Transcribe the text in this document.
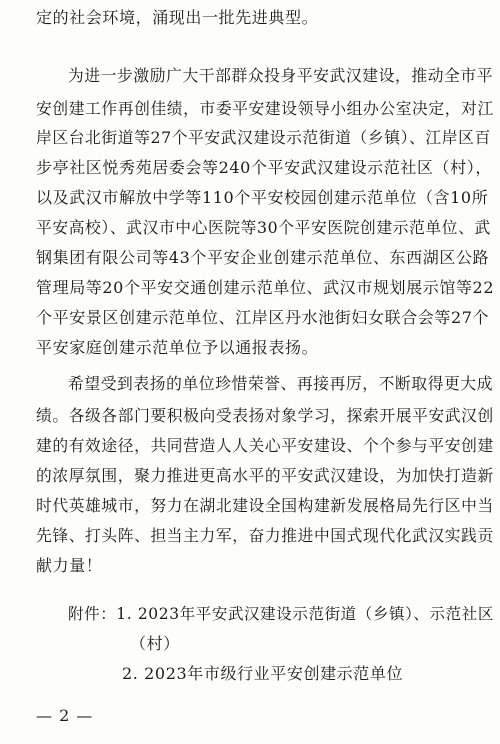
定的社会环境，涌现出一批先进典型。
为进一步激励广大干部群众投身平安武汉建设，推动全市平
安创建工作再创佳绩，市委平安建设领导小组办公室决定，对江
岸区台北街道等27个平安武汉建设示范街道（乡镇）、江岸区百
步亭社区悦秀苑居委会等240个平安武汉建设示范社区（村），
以及武汉市解放中学等110个平安校园创建示范单位（含10所
平安高校）、武汉市中心医院等30个平安医院创建示范单位、武
钢集团有限公司等43个平安企业创建示范单位、东西湖区公路
管理局等20个平安交通创建示范单位、武汉市规划展示馆等22
个平安景区创建示范单位、江岸区丹水池街妇女联合会等27个
平安家庭创建示范单位予以通报表扬。
希望受到表扬的单位珍惜荣誉、再接再厉，不断取得更大成
绩。各级各部门要积极向受表扬对象学习，探索开展平安武汉创
建的有效途径，共同营造人人关心平安建设、个个参与平安创建
的浓厚氛围，聚力推进更高水平的平安武汉建设，为加快打造新
时代英雄城市，努力在湖北建设全国构建新发展格局先行区中当
先锋、打头阵、担当主力军，奋力推进中国式现代化武汉实践贡
献力量！
附件：1. 2023年平安武汉建设示范街道（乡镇）、示范社区
（村）
2. 2023年市级行业平安创建示范单位
— 2 —
